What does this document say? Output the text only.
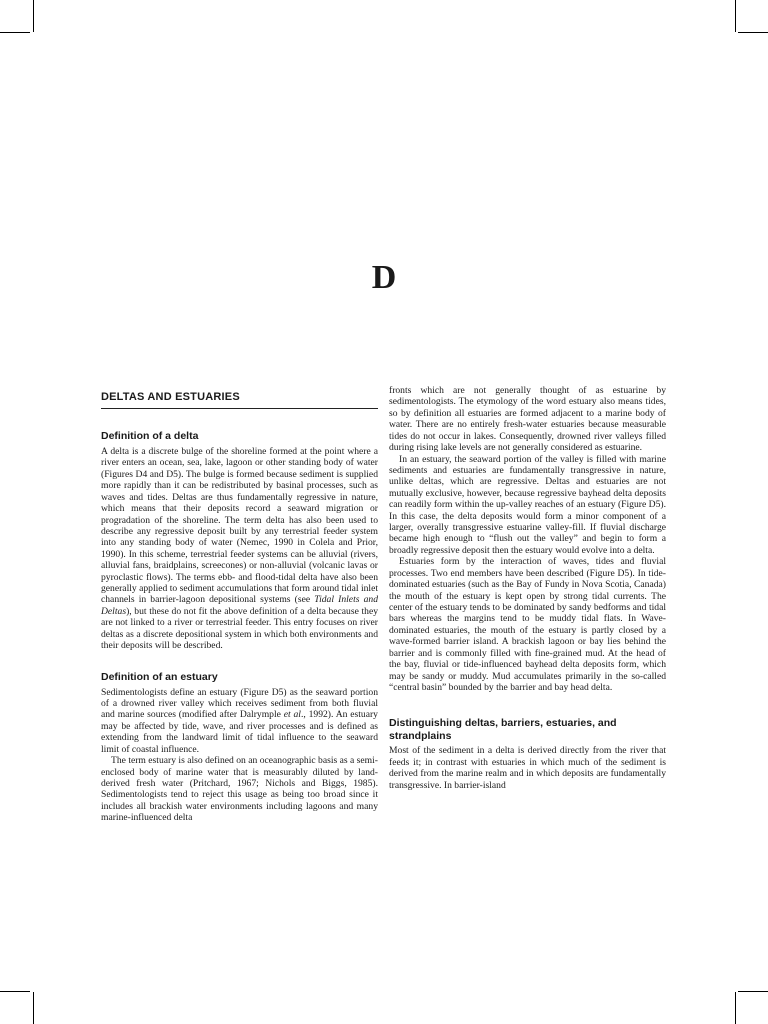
D
DELTAS AND ESTUARIES
Definition of a delta

A delta is a discrete bulge of the shoreline formed at the point where a river enters an ocean, sea, lake, lagoon or other standing body of water (Figures D4 and D5). The bulge is formed because sediment is supplied more rapidly than it can be redistributed by basinal processes, such as waves and tides. Deltas are thus fundamentally regressive in nature, which means that their deposits record a seaward migration or progradation of the shoreline. The term delta has also been used to describe any regressive deposit built by any terrestrial feeder system into any standing body of water (Nemec, 1990 in Colela and Prior, 1990). In this scheme, terrestrial feeder systems can be alluvial (rivers, alluvial fans, braidplains, screecones) or non-alluvial (volcanic lavas or pyroclastic flows). The terms ebb- and flood-tidal delta have also been generally applied to sediment accumulations that form around tidal inlet channels in barrier-lagoon depositional systems (see Tidal Inlets and Deltas), but these do not fit the above definition of a delta because they are not linked to a river or terrestrial feeder. This entry focuses on river deltas as a discrete depositional system in which both environments and their deposits will be described.

Definition of an estuary

Sedimentologists define an estuary (Figure D5) as the seaward portion of a drowned river valley which receives sediment from both fluvial and marine sources (modified after Dalrymple et al., 1992). An estuary may be affected by tide, wave, and river processes and is defined as extending from the landward limit of tidal influence to the seaward limit of coastal influence.

The term estuary is also defined on an oceanographic basis as a semi-enclosed body of marine water that is measurably diluted by land-derived fresh water (Pritchard, 1967; Nichols and Biggs, 1985). Sedimentologists tend to reject this usage as being too broad since it includes all brackish water environments including lagoons and many marine-influenced delta

fronts which are not generally thought of as estuarine by sedimentologists. The etymology of the word estuary also means tides, so by definition all estuaries are formed adjacent to a marine body of water. There are no entirely fresh-water estuaries because measurable tides do not occur in lakes. Consequently, drowned river valleys filled during rising lake levels are not generally considered as estuarine.

In an estuary, the seaward portion of the valley is filled with marine sediments and estuaries are fundamentally transgressive in nature, unlike deltas, which are regressive. Deltas and estuaries are not mutually exclusive, however, because regressive bayhead delta deposits can readily form within the up-valley reaches of an estuary (Figure D5). In this case, the delta deposits would form a minor component of a larger, overally transgressive estuarine valley-fill. If fluvial discharge became high enough to “flush out the valley” and begin to form a broadly regressive deposit then the estuary would evolve into a delta.

Estuaries form by the interaction of waves, tides and fluvial processes. Two end members have been described (Figure D5). In tide-dominated estuaries (such as the Bay of Fundy in Nova Scotia, Canada) the mouth of the estuary is kept open by strong tidal currents. The center of the estuary tends to be dominated by sandy bedforms and tidal bars whereas the margins tend to be muddy tidal flats. In Wave-dominated estuaries, the mouth of the estuary is partly closed by a wave-formed barrier island. A brackish lagoon or bay lies behind the barrier and is commonly filled with fine-grained mud. At the head of the bay, fluvial or tide-influenced bayhead delta deposits form, which may be sandy or muddy. Mud accumulates primarily in the so-called “central basin” bounded by the barrier and bay head delta.

Distinguishing deltas, barriers, estuaries, and strandplains

Most of the sediment in a delta is derived directly from the river that feeds it; in contrast with estuaries in which much of the sediment is derived from the marine realm and in which deposits are fundamentally transgressive. In barrier-island
